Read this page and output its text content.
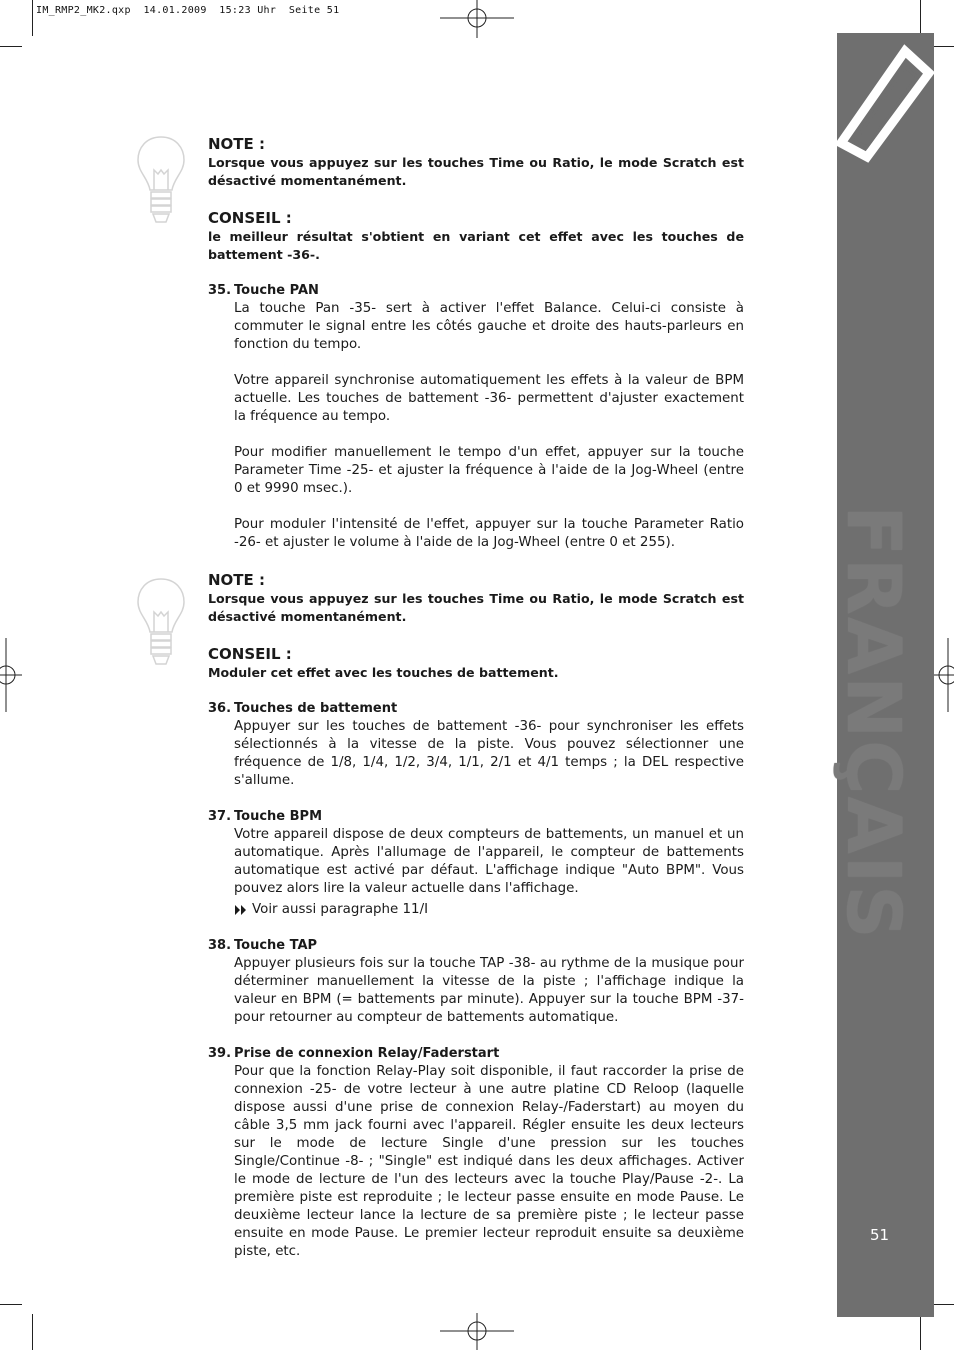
IM_RMP2_MK2.qxp  14.01.2009  15:23 Uhr  Seite 51
FRANÇAIS
51

NOTE :

Lorsque vous appuyez sur les touches Time ou Ratio, le mode Scratch est désactivé momentanément.

CONSEIL :

le meilleur résultat s'obtient en variant cet effet avec les touches de battement -36-.

35. Touche PAN

La touche Pan -35- sert à activer l'effet Balance. Celui-ci consiste à commuter le signal entre les côtés gauche et droite des hauts-parleurs en fonction du tempo.

Votre appareil synchronise automatiquement les effets à la valeur de BPM actuelle. Les touches de battement -36- permettent d'ajuster exactement la fréquence au tempo.

Pour modifier manuellement le tempo d'un effet, appuyer sur la touche Parameter Time -25- et ajuster la fréquence à l'aide de la Jog-Wheel (entre 0 et 9990 msec.).

Pour moduler l'intensité de l'effet, appuyer sur la touche Parameter Ratio -26- et ajuster le volume à l'aide de la Jog-Wheel (entre 0 et 255).

NOTE :

Lorsque vous appuyez sur les touches Time ou Ratio, le mode Scratch est désactivé momentanément.

CONSEIL :

Moduler cet effet avec les touches de battement.

36. Touches de battement

Appuyer sur les touches de battement -36- pour synchroniser les effets sélectionnés à la vitesse de la piste. Vous pouvez sélectionner une fréquence de 1/8, 1/4, 1/2, 3/4, 1/1, 2/1 et 4/1 temps ; la DEL respective s'allume.

37. Touche BPM

Votre appareil dispose de deux compteurs de battements, un manuel et un automatique. Après l'allumage de l'appareil, le compteur de battements automatique est activé par défaut. L'affichage indique "Auto BPM". Vous pouvez alors lire la valeur actuelle dans l'affichage.

Voir aussi paragraphe 11/I

38. Touche TAP

Appuyer plusieurs fois sur la touche TAP -38- au rythme de la musique pour déterminer manuellement la vitesse de la piste ; l'affichage indique la valeur en BPM (= battements par minute). Appuyer sur la touche BPM -37- pour retourner au compteur de battements automatique.

39. Prise de connexion Relay/Faderstart

Pour que la fonction Relay-Play soit disponible, il faut raccorder la prise de connexion -25- de votre lecteur à une autre platine CD Reloop (laquelle dispose aussi d'une prise de connexion Relay-/Faderstart) au moyen du câble 3,5 mm jack fourni avec l'appareil. Régler ensuite les deux lecteurs sur le mode de lecture Single d'une pression sur les touches Single/Continue -8- ; "Single" est indiqué dans les deux affichages. Activer le mode de lecture de l'un des lecteurs avec la touche Play/Pause -2-. La première piste est reproduite ; le lecteur passe ensuite en mode Pause. Le deuxième lecteur lance la lecture de sa première piste ; le lecteur passe ensuite en mode Pause. Le premier lecteur reproduit ensuite sa deuxième piste, etc.
